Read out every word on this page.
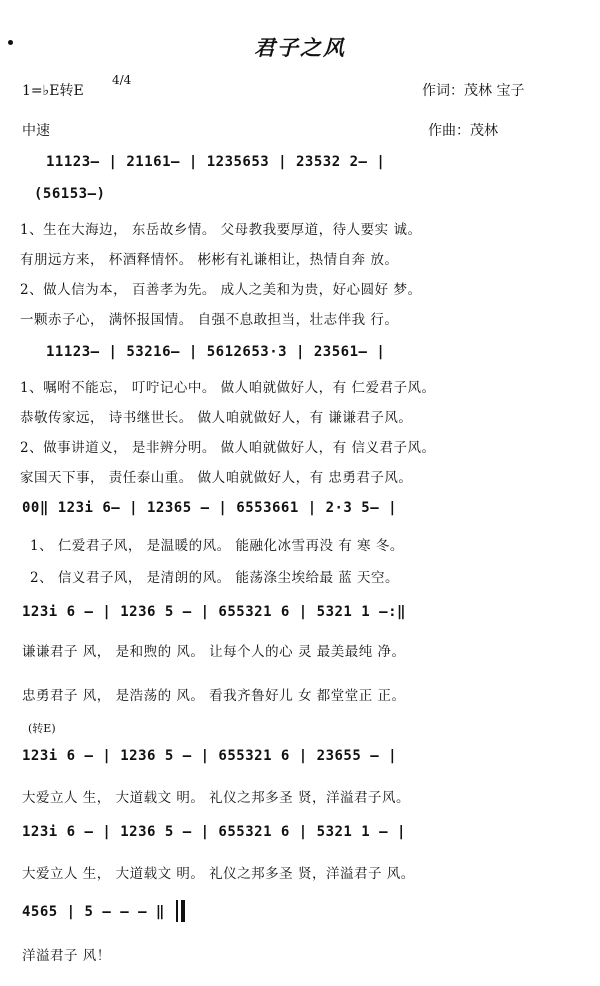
君子之风
1=♭E转E
4/4
作词：茂林 宝子
中速	作曲：茂林
11123– | 21161– | 1235653 | 23532 2– |
(56153–)
1、生在大海边， 东岳故乡情。 父母教我要厚道，待人要实 诚。
有朋远方来， 杯酒释情怀。 彬彬有礼谦相让，热情自奔 放。
2、做人信为本， 百善孝为先。 成人之美和为贵，好心圆好 梦。
一颗赤子心， 满怀报国情。 自强不息敢担当，壮志伴我 行。
11123– | 53216– | 5612653·3 | 23561– |
1、嘱咐不能忘， 叮咛记心中。 做人咱就做好人，有 仁爱君子风。
恭敬传家远， 诗书继世长。 做人咱就做好人，有 谦谦君子风。
2、做事讲道义， 是非辨分明。 做人咱就做好人，有 信义君子风。
家国天下事， 责任泰山重。 做人咱就做好人，有 忠勇君子风。
00‖ 123i 6– | 12365 – | 6553661 | 2·3 5– |
1、 仁爱君子风， 是温暖的风。 能融化冰雪再没 有 寒 冬。
2、 信义君子风， 是清朗的风。 能荡涤尘埃给最 蓝 天空。
123i 6 – | 1236 5 – | 655321 6 | 5321 1 –:‖
谦谦君子 风， 是和煦的 风。 让每个人的心 灵 最美最纯 净。
忠勇君子 风， 是浩荡的 风。 看我齐鲁好儿 女 都堂堂正 正。
(转E)
123i 6 – | 1236 5 – | 655321 6 | 23655 – |
大爱立人 生， 大道载文 明。 礼仪之邦多圣 贤，洋溢君子风。
123i 6 – | 1236 5 – | 655321 6 | 5321 1 – |
大爱立人 生， 大道载文 明。 礼仪之邦多圣 贤，洋溢君子 风。
4565 | 5 – – – ‖
洋溢君子 风！
